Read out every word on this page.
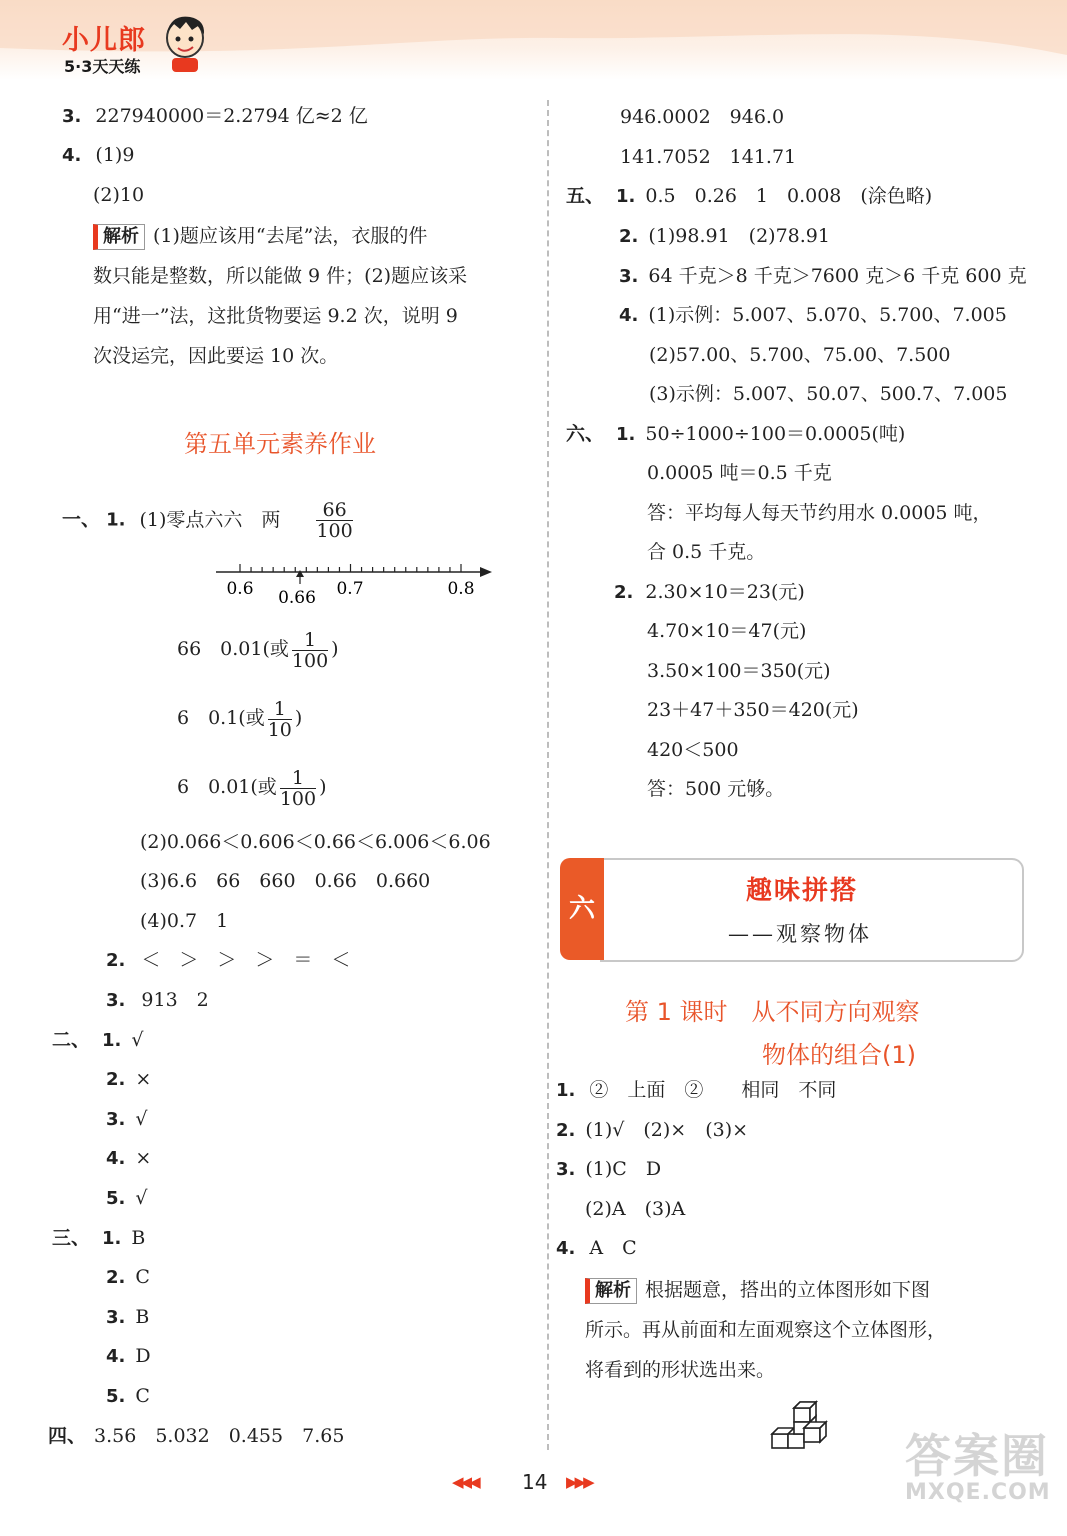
小儿郎
5·3天天练
3. 227940000＝2.2794 亿≈2 亿
4. (1)9
(2)10
解析 (1)题应该用“去尾”法，衣服的件
数只能是整数，所以能做 9 件；(2)题应该采
用“进一”法，这批货物要运 9.2 次，说明 9
次没运完，因此要运 10 次。
第五单元素养作业
一、 1. (1)零点六六　两 $\frac{66}{100}$
0.6 0.66 0.7	0.8
66　0.01(或 $\frac{1}{100}$ )
6　0.1(或 $\frac{1}{10}$ )
6　0.01(或 $\frac{1}{100}$ )
(2)0.066＜0.606＜0.66＜6.006＜6.06
(3)6.6　66　660　0.66　0.660
(4)0.7　1
2. ＜　＞　＞　＞　＝　＜
3. 913　2
二、 1. √
2. ×
3. √
4. ×
5. √
三、 1. B
2. C
3. B
4. D
5. C
四、 3.56　5.032　0.455　7.65
946.0002　946.0
141.7052　141.71
五、 1. 0.5　0.26　1　0.008　(涂色略)
2. (1)98.91　(2)78.91
3. 64 千克＞8 千克＞7600 克＞6 千克 600 克
4. (1)示例：5.007、5.070、5.700、7.005
(2)57.00、5.700、75.00、7.500
(3)示例：5.007、50.07、500.7、7.005
六、 1. 50÷1000÷100＝0.0005(吨)
0.0005 吨＝0.5 千克
答：平均每人每天节约用水 0.0005 吨，
合 0.5 千克。
2. 2.30×10＝23(元)
4.70×10＝47(元)
3.50×100＝350(元)
23＋47＋350＝420(元)
420＜500
答：500 元够。
六
趣味拼搭
——观察物体
第 1 课时　从不同方向观察
物体的组合(1)
1. ②　上面　②　　相同　不同
2. (1)√　(2)×　(3)×
3. (1)C　D
(2)A　(3)A
4. A　C
解析 根据题意，搭出的立体图形如下图
所示。再从前面和左面观察这个立体图形，
将看到的形状选出来。
◀◀◀ 14 ▶▶▶	答案圈
MXQE.COM
